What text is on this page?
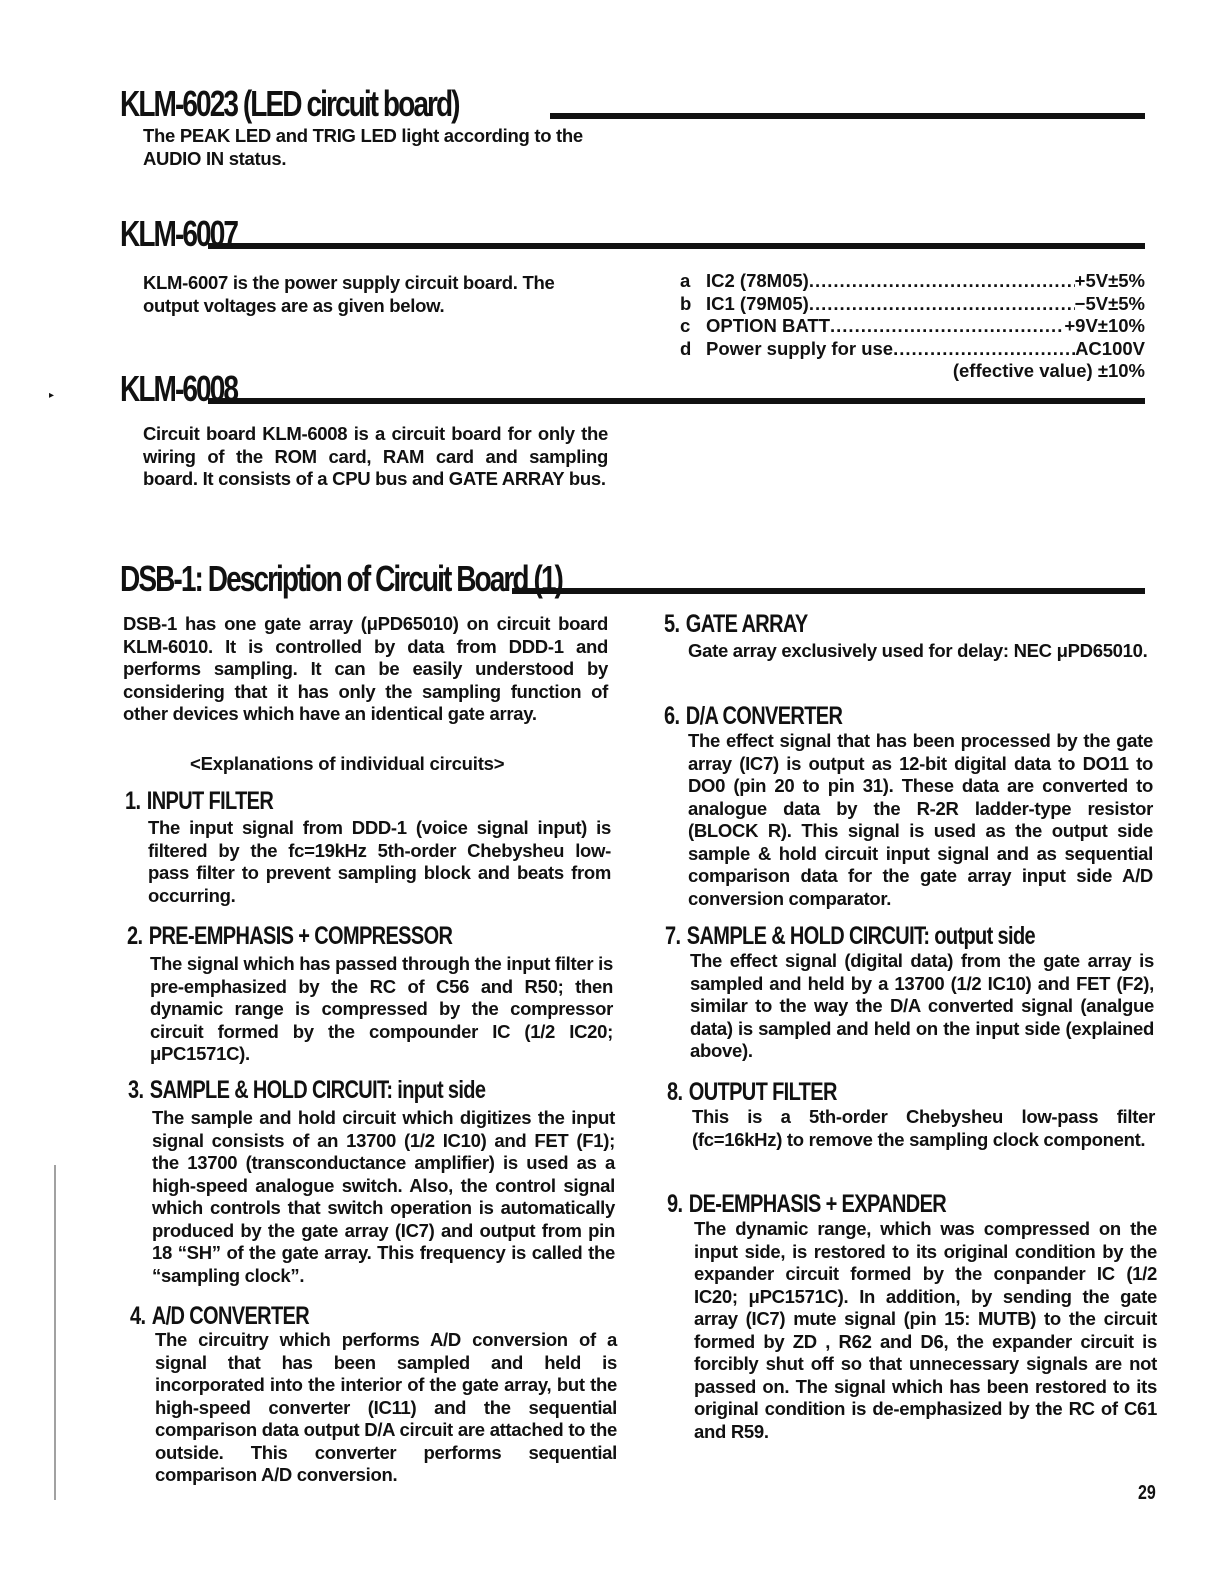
KLM-6023 (LED circuit board)

The PEAK LED and TRIG LED light according to the AUDIO IN status.

KLM-6007

KLM-6007 is the power supply circuit board. The output voltages are as given below.

a IC2 (78M05) .....	+5V±5%
b IC1 (79M05) .....	−5V±5%
c OPTION BATT .....	+9V±10%
d Power supply for use .....	AC100V
(effective value) ±10%
▸ KLM-6008

Circuit board KLM-6008 is a circuit board for only the wiring of the ROM card, RAM card and sampling board. It consists of a CPU bus and GATE ARRAY bus.

DSB-1: Description of Circuit Board (1)

DSB-1 has one gate array (μPD65010) on circuit board KLM-6010. It is controlled by data from DDD-1 and performs sampling. It can be easily understood by considering that it has only the sampling function of other devices which have an identical gate array.

<Explanations of individual circuits>
1. INPUT FILTER

The input signal from DDD-1 (voice signal input) is filtered by the fc=19kHz 5th-order Chebysheu low-pass filter to prevent sampling block and beats from occurring.

2. PRE-EMPHASIS + COMPRESSOR

The signal which has passed through the input filter is pre-emphasized by the RC of C56 and R50; then dynamic range is compressed by the compressor circuit formed by the compounder IC (1/2 IC20; μPC1571C).

3. SAMPLE & HOLD CIRCUIT: input side

The sample and hold circuit which digitizes the input signal consists of an 13700 (1/2 IC10) and FET (F1); the 13700 (transconductance amplifier) is used as a high-speed analogue switch. Also, the control signal which controls that switch operation is automatically produced by the gate array (IC7) and output from pin 18 “SH” of the gate array. This frequency is called the “sampling clock”.

4. A/D CONVERTER

The circuitry which performs A/D conversion of a signal that has been sampled and held is incorporated into the interior of the gate array, but the high-speed converter (IC11) and the sequential comparison data output D/A circuit are attached to the outside. This converter performs sequential comparison A/D conversion.

5. GATE ARRAY

Gate array exclusively used for delay: NEC μPD65010.

6. D/A CONVERTER

The effect signal that has been processed by the gate array (IC7) is output as 12-bit digital data to DO11 to DO0 (pin 20 to pin 31). These data are converted to analogue data by the R-2R ladder-type resistor (BLOCK R). This signal is used as the output side sample & hold circuit input signal and as sequential comparison data for the gate array input side A/D conversion comparator.

7. SAMPLE & HOLD CIRCUIT: output side

The effect signal (digital data) from the gate array is sampled and held by a 13700 (1/2 IC10) and FET (F2), similar to the way the D/A converted signal (analgue data) is sampled and held on the input side (explained above).

8. OUTPUT FILTER

This is a 5th-order Chebysheu low-pass filter (fc=16kHz) to remove the sampling clock component.

9. DE-EMPHASIS + EXPANDER

The dynamic range, which was compressed on the input side, is restored to its original condition by the expander circuit formed by the conpander IC (1/2 IC20; μPC1571C). In addition, by sending the gate array (IC7) mute signal (pin 15: MUTB) to the circuit formed by ZD , R62 and D6, the expander circuit is forcibly shut off so that unnecessary signals are not passed on. The signal which has been restored to its original condition is de-emphasized by the RC of C61 and R59.

29
